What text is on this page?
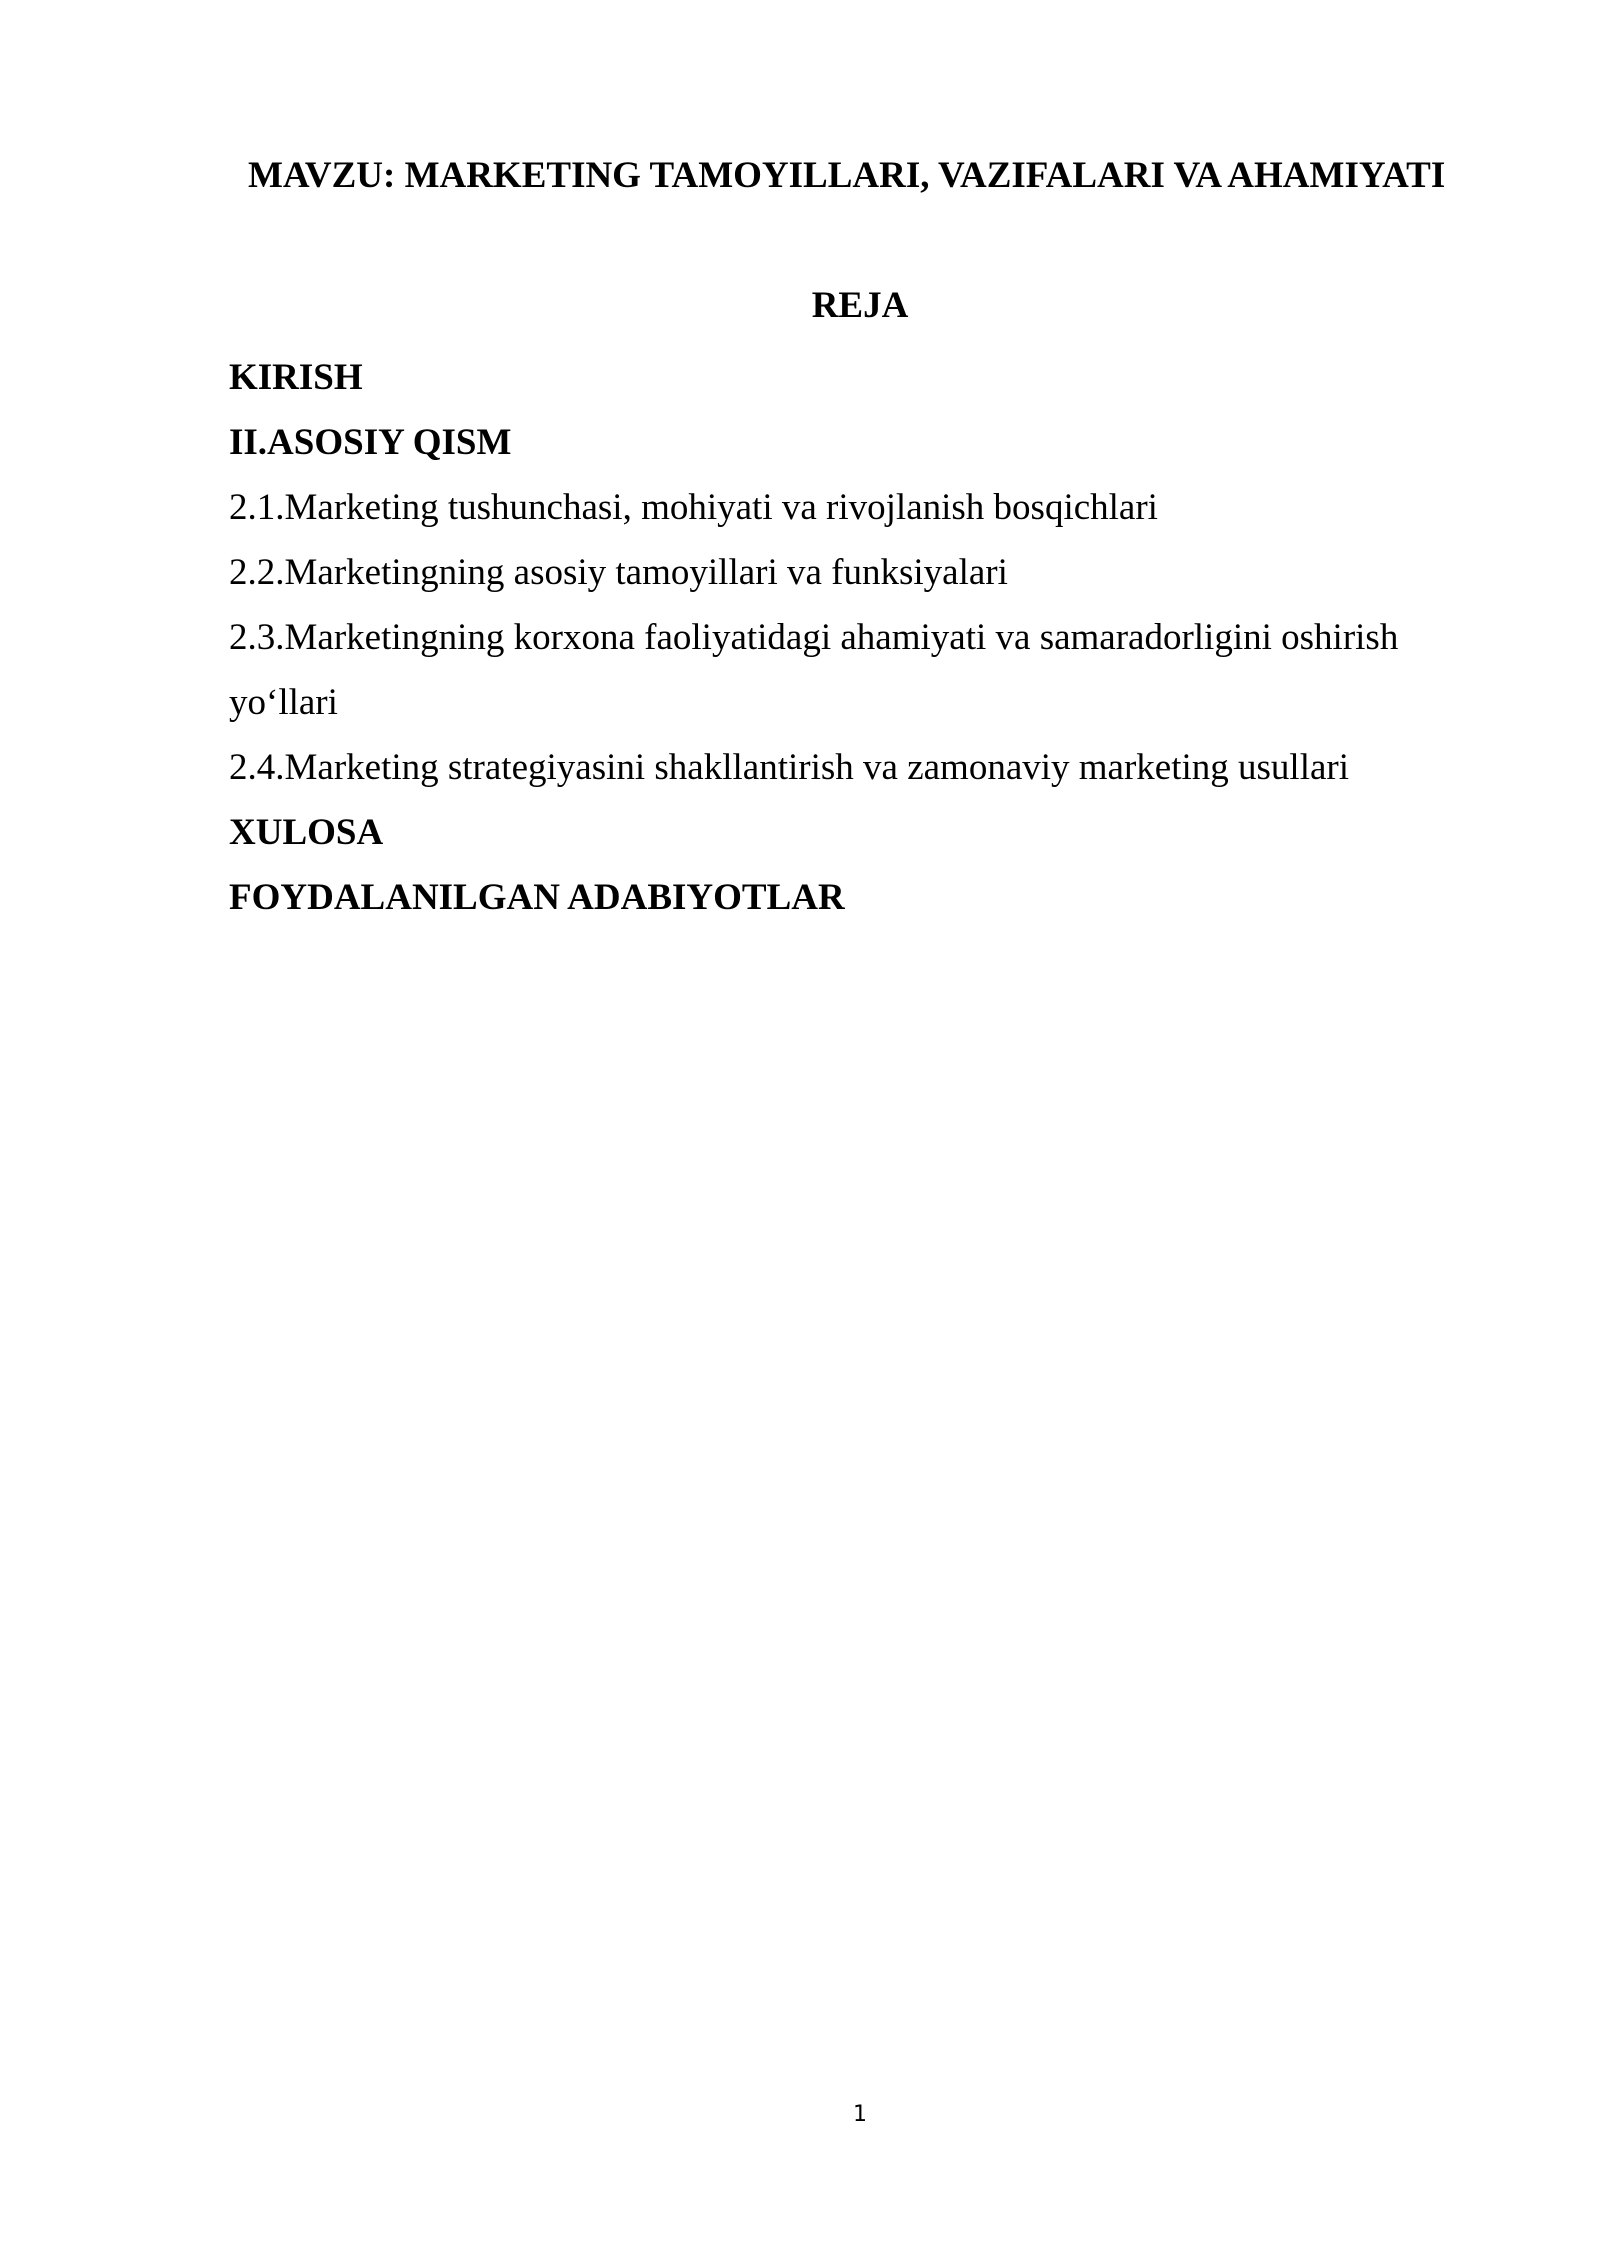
MAVZU: MARKETING TAMOYILLARI, VAZIFALARI VA AHAMIYATI
REJA
KIRISH
II.ASOSIY QISM
2.1.Marketing tushunchasi, mohiyati va rivojlanish bosqichlari
2.2.Marketingning asosiy tamoyillari va funksiyalari
2.3.Marketingning korxona faoliyatidagi ahamiyati va samaradorligini oshirish
yo‘llari
2.4.Marketing strategiyasini shakllantirish va zamonaviy marketing usullari
XULOSA
FOYDALANILGAN ADABIYOTLAR
1
